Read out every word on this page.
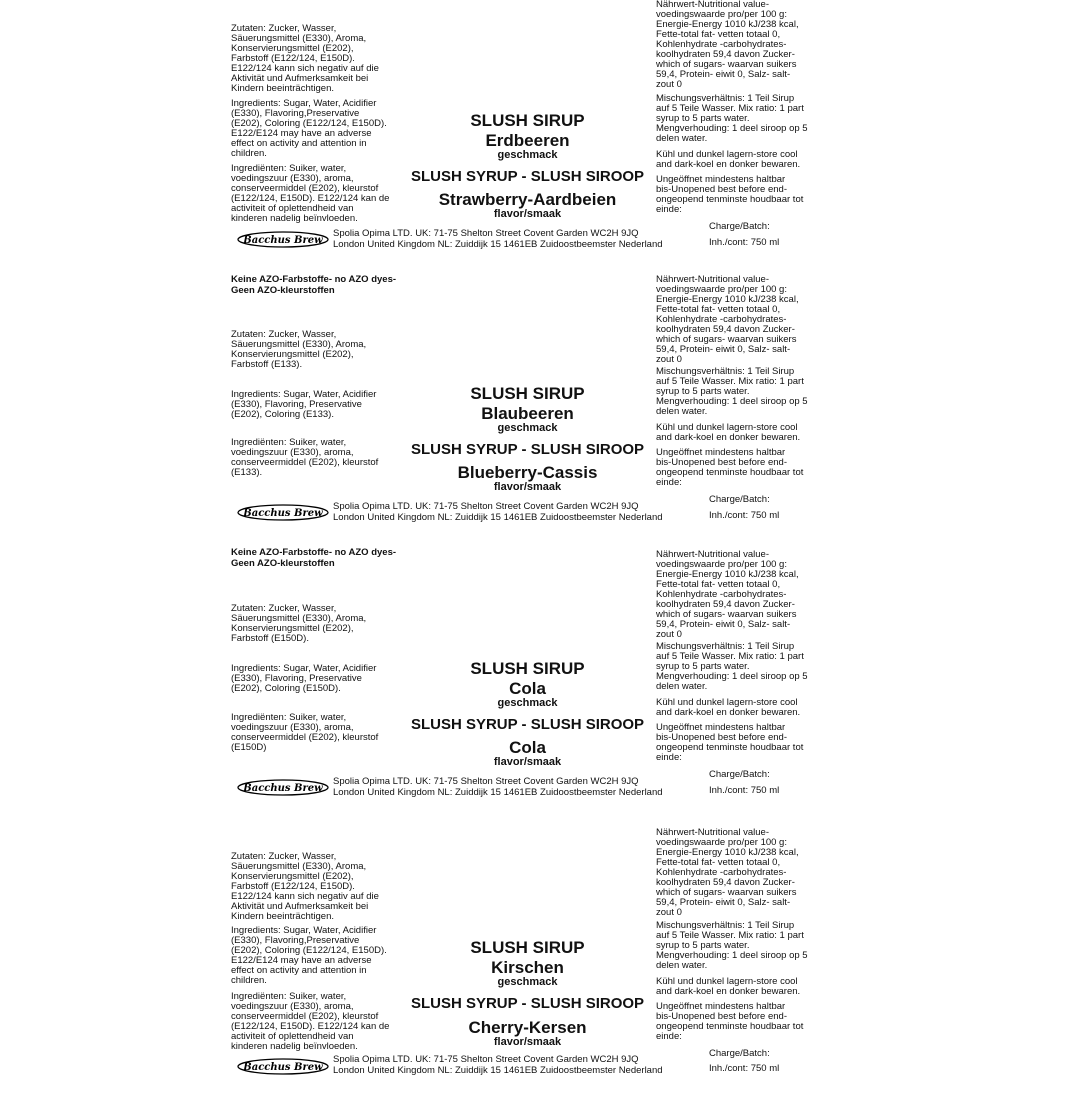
Zutaten: Zucker, Wasser,
Säuerungsmittel (E330), Aroma,
Konservierungsmittel (E202),
Farbstoff (E122/124, E150D).
E122/124 kann sich negativ auf die
Aktivität und Aufmerksamkeit bei
Kindern beeinträchtigen.
Ingredients: Sugar, Water, Acidifier
(E330), Flavoring,Preservative
(E202), Coloring (E122/124, E150D).
E122/E124 may have an adverse
effect on activity and attention in
children.
Ingrediënten: Suiker, water,
voedingszuur (E330), aroma,
conserveermiddel (E202), kleurstof
(E122/124, E150D). E122/124 kan de
activiteit of oplettendheid van
kinderen nadelig beïnvloeden.
SLUSH SIRUP
Erdbeeren
geschmack
SLUSH SYRUP - SLUSH SIROOP
Strawberry-Aardbeien
flavor/smaak
Nährwert-Nutritional value-
voedingswaarde pro/per 100 g:
Energie-Energy 1010 kJ/238 kcal,
Fette-total fat- vetten totaal 0,
Kohlenhydrate -carbohydrates-
koolhydraten 59,4 davon Zucker-
which of sugars- waarvan suikers
59,4, Protein- eiwit 0, Salz- salt-
zout 0
Mischungsverhältnis: 1 Teil Sirup
auf 5 Teile Wasser. Mix ratio: 1 part
syrup to 5 parts water.
Mengverhouding: 1 deel siroop op 5
delen water.
Kühl und dunkel lagern-store cool
and dark-koel en donker bewaren.
Ungeöffnet mindestens haltbar
bis-Unopened best before end-
ongeopend tenminste houdbaar tot
einde:
Bacchus Brew
Spolia Opima LTD. UK: 71-75 Shelton Street Covent Garden WC2H 9JQ
London United Kingdom NL: Zuiddijk 15 1461EB Zuidoostbeemster Nederland
Charge/Batch:
Inh./cont: 750 ml
Keine AZO-Farbstoffe- no AZO dyes- Geen AZO-kleurstoffen
Zutaten: Zucker, Wasser,
Säuerungsmittel (E330), Aroma,
Konservierungsmittel (E202),
Farbstoff (E133).
Ingredients: Sugar, Water, Acidifier
(E330), Flavoring, Preservative
(E202), Coloring (E133).
Ingrediënten: Suiker, water,
voedingszuur (E330), aroma,
conserveermiddel (E202), kleurstof
(E133).
SLUSH SIRUP
Blaubeeren
geschmack
SLUSH SYRUP - SLUSH SIROOP
Blueberry-Cassis
flavor/smaak
Nährwert-Nutritional value-
voedingswaarde pro/per 100 g:
Energie-Energy 1010 kJ/238 kcal,
Fette-total fat- vetten totaal 0,
Kohlenhydrate -carbohydrates-
koolhydraten 59,4 davon Zucker-
which of sugars- waarvan suikers
59,4, Protein- eiwit 0, Salz- salt-
zout 0
Mischungsverhältnis: 1 Teil Sirup
auf 5 Teile Wasser. Mix ratio: 1 part
syrup to 5 parts water.
Mengverhouding: 1 deel siroop op 5
delen water.
Kühl und dunkel lagern-store cool
and dark-koel en donker bewaren.
Ungeöffnet mindestens haltbar
bis-Unopened best before end-
ongeopend tenminste houdbaar tot
einde:
Bacchus Brew
Spolia Opima LTD. UK: 71-75 Shelton Street Covent Garden WC2H 9JQ
London United Kingdom NL: Zuiddijk 15 1461EB Zuidoostbeemster Nederland
Charge/Batch:
Inh./cont: 750 ml
Keine AZO-Farbstoffe- no AZO dyes- Geen AZO-kleurstoffen
Zutaten: Zucker, Wasser,
Säuerungsmittel (E330), Aroma,
Konservierungsmittel (E202),
Farbstoff (E150D).
Ingredients: Sugar, Water, Acidifier
(E330), Flavoring, Preservative
(E202), Coloring (E150D).
Ingrediënten: Suiker, water,
voedingszuur (E330), aroma,
conserveermiddel (E202), kleurstof
(E150D)
SLUSH SIRUP
Cola
geschmack
SLUSH SYRUP - SLUSH SIROOP
Cola
flavor/smaak
Nährwert-Nutritional value-
voedingswaarde pro/per 100 g:
Energie-Energy 1010 kJ/238 kcal,
Fette-total fat- vetten totaal 0,
Kohlenhydrate -carbohydrates-
koolhydraten 59,4 davon Zucker-
which of sugars- waarvan suikers
59,4, Protein- eiwit 0, Salz- salt-
zout 0
Mischungsverhältnis: 1 Teil Sirup
auf 5 Teile Wasser. Mix ratio: 1 part
syrup to 5 parts water.
Mengverhouding: 1 deel siroop op 5
delen water.
Kühl und dunkel lagern-store cool
and dark-koel en donker bewaren.
Ungeöffnet mindestens haltbar
bis-Unopened best before end-
ongeopend tenminste houdbaar tot
einde:
Bacchus Brew
Spolia Opima LTD. UK: 71-75 Shelton Street Covent Garden WC2H 9JQ
London United Kingdom NL: Zuiddijk 15 1461EB Zuidoostbeemster Nederland
Charge/Batch:
Inh./cont: 750 ml
Zutaten: Zucker, Wasser,
Säuerungsmittel (E330), Aroma,
Konservierungsmittel (E202),
Farbstoff (E122/124, E150D).
E122/124 kann sich negativ auf die
Aktivität und Aufmerksamkeit bei
Kindern beeinträchtigen.
Ingredients: Sugar, Water, Acidifier
(E330), Flavoring,Preservative
(E202), Coloring (E122/124, E150D).
E122/E124 may have an adverse
effect on activity and attention in
children.
Ingrediënten: Suiker, water,
voedingszuur (E330), aroma,
conserveermiddel (E202), kleurstof
(E122/124, E150D). E122/124 kan de
activiteit of oplettendheid van
kinderen nadelig beïnvloeden.
SLUSH SIRUP
Kirschen
geschmack
SLUSH SYRUP - SLUSH SIROOP
Cherry-Kersen
flavor/smaak
Nährwert-Nutritional value-
voedingswaarde pro/per 100 g:
Energie-Energy 1010 kJ/238 kcal,
Fette-total fat- vetten totaal 0,
Kohlenhydrate -carbohydrates-
koolhydraten 59,4 davon Zucker-
which of sugars- waarvan suikers
59,4, Protein- eiwit 0, Salz- salt-
zout 0
Mischungsverhältnis: 1 Teil Sirup
auf 5 Teile Wasser. Mix ratio: 1 part
syrup to 5 parts water.
Mengverhouding: 1 deel siroop op 5
delen water.
Kühl und dunkel lagern-store cool
and dark-koel en donker bewaren.
Ungeöffnet mindestens haltbar
bis-Unopened best before end-
ongeopend tenminste houdbaar tot
einde:
Bacchus Brew
Spolia Opima LTD. UK: 71-75 Shelton Street Covent Garden WC2H 9JQ
London United Kingdom NL: Zuiddijk 15 1461EB Zuidoostbeemster Nederland
Charge/Batch:
Inh./cont: 750 ml
